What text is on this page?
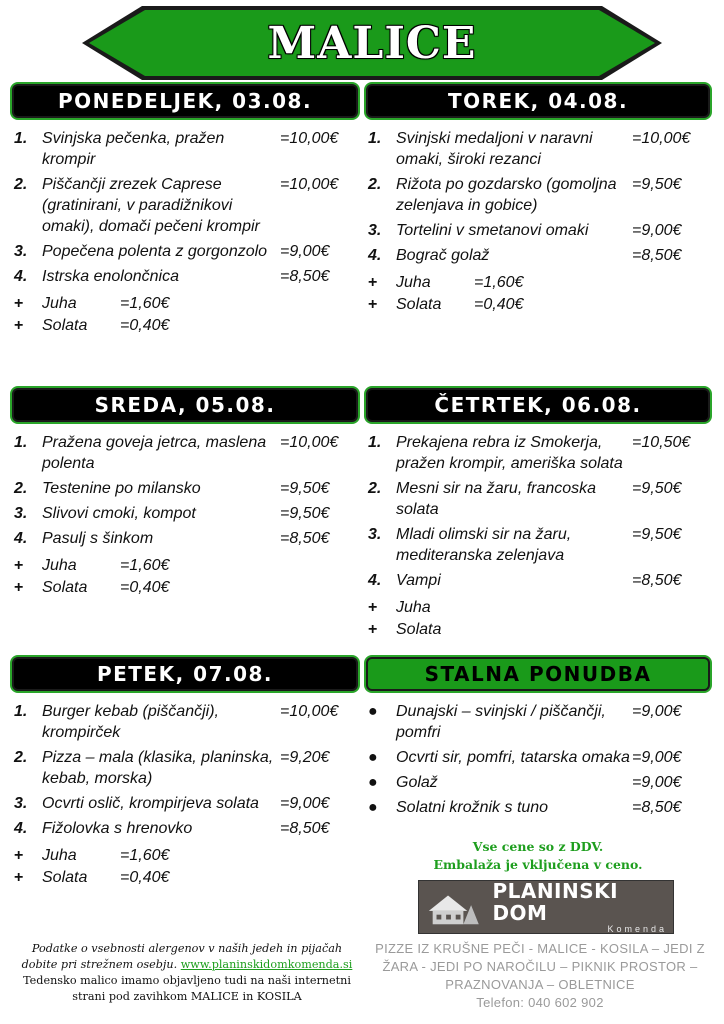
MALICE
PONEDELJEK, 03.08.
1. Svinjska pečenka, pražen krompir
=10,00€
2. Piščančji zrezek Caprese (gratinirani, v paradižnikovi omaki), domači pečeni krompir
=10,00€
3. Popečena polenta z gorgonzolo =9,00€
4. Istrska enolončnica	=8,50€
+	Juha	=1,60€
+	Solata	=0,40€
TOREK, 04.08.
1. Svinjski medaljoni v naravni omaki, široki rezanci
=10,00€
2. Rižota po gozdarsko (gomoljna zelenjava in gobice)
=9,50€
3. Tortelini v smetanovi omaki	=9,00€
4. Bograč golaž	=8,50€
+	Juha	=1,60€
+	Solata	=0,40€
SREDA, 05.08.
1. Pražena goveja jetrca, maslena polenta
=10,00€
2. Testenine po milansko	=9,50€
3. Slivovi cmoki, kompot	=9,50€
4. Pasulj s šinkom	=8,50€
+	Juha	=1,60€
+	Solata	=0,40€
ČETRTEK, 06.08.
1. Prekajena rebra iz Smokerja, pražen krompir, ameriška solata
=10,50€
2. Mesni sir na žaru, francoska solata
=9,50€
3. Mladi olimski sir na žaru, mediteranska zelenjava
=9,50€
4. Vampi	=8,50€
+	Juha
+	Solata
PETEK, 07.08.
1. Burger kebab (piščančji), krompirček
=10,00€
2. Pizza – mala (klasika, planinska, kebab, morska)
=9,20€
3. Ocvrti oslič, krompirjeva solata	=9,00€
4. Fižolovka s hrenovko	=8,50€
+	Juha	=1,60€
+	Solata	=0,40€
STALNA PONUDBA
●	Dunajski – svinjski / piščančji, pomfri
=9,00€
●	Ocvrti sir, pomfri, tatarska omaka =9,00€
●	Golaž	=9,00€
●	Solatni krožnik s tuno	=8,50€
Vse cene so z DDV.
Embalaža je vključena v ceno.
PLANINSKI DOM
Komenda
PIZZE IZ KRUŠNE PEČI - MALICE - KOSILA – JEDI Z ŽARA - JEDI PO NAROČILU – PIKNIK PROSTOR – PRAZNOVANJA – OBLETNICE
Telefon: 040 602 902
Podatke o vsebnosti alergenov v naših jedeh in pijačah dobite pri strežnem osebju. www.planinskidomkomenda.si
Tedensko malico imamo objavljeno tudi na naši internetni strani pod zavihkom MALICE in KOSILA
